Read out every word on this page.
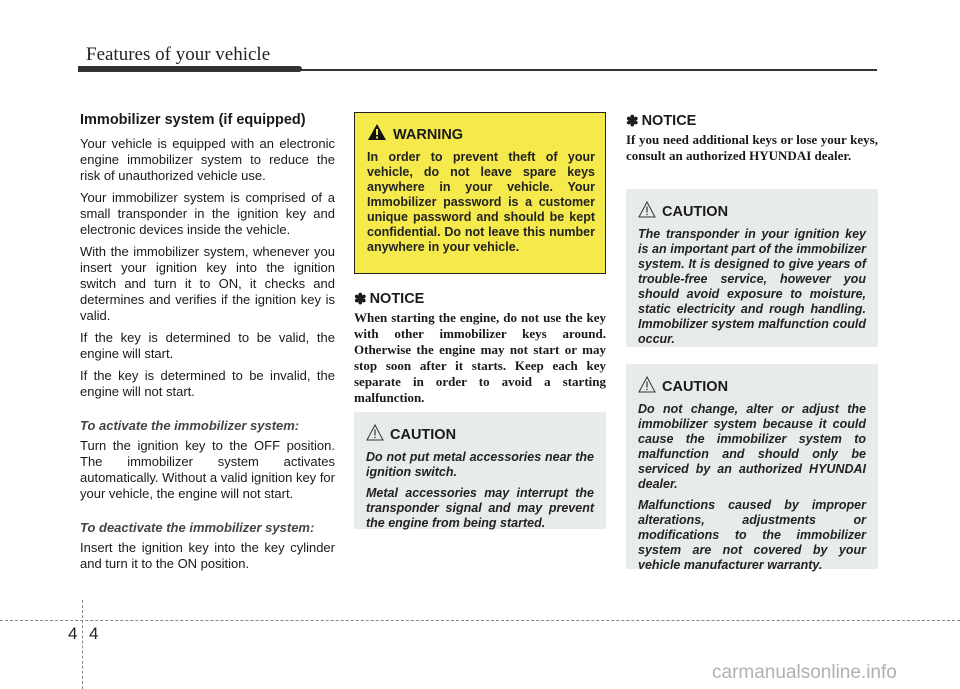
Features of your vehicle
Immobilizer system (if equipped)

Your vehicle is equipped with an electronic engine immobilizer system to reduce the risk of unauthorized vehicle use.

Your immobilizer system is comprised of a small transponder in the ignition key and electronic devices inside the vehicle.

With the immobilizer system, whenever you insert your ignition key into the ignition switch and turn it to ON, it checks and determines and verifies if the ignition key is valid.

If the key is determined to be valid, the engine will start.

If the key is determined to be invalid, the engine will not start.

To activate the immobilizer system:

Turn the ignition key to the OFF position. The immobilizer system activates automatically. Without a valid ignition key for your vehicle, the engine will not start.

To deactivate the immobilizer system:

Insert the ignition key into the key cylinder and turn it to the ON position.

WARNING
In order to prevent theft of your vehicle, do not leave spare keys anywhere in your vehicle. Your Immobilizer password is a customer unique password and should be kept confidential. Do not leave this number anywhere in your vehicle.
✽ NOTICE
When starting the engine, do not use the key with other immobilizer keys around. Otherwise the engine may not start or may stop soon after it starts. Keep each key separate in order to avoid a starting malfunction.
CAUTION

Do not put metal accessories near the ignition switch.

Metal accessories may interrupt the transponder signal and may prevent the engine from being started.

✽ NOTICE
If you need additional keys or lose your keys, consult an authorized HYUNDAI dealer.
CAUTION

The transponder in your ignition key is an important part of the immobilizer system. It is designed to give years of trouble-free service, however you should avoid exposure to moisture, static electricity and rough handling. Immobilizer system malfunction could occur.

CAUTION

Do not change, alter or adjust the immobilizer system because it could cause the immobilizer system to malfunction and should only be serviced by an authorized HYUNDAI dealer.

Malfunctions caused by improper alterations, adjustments or modifications to the immobilizer system are not covered by your vehicle manufacturer warranty.

4 4
carmanualsonline.info
